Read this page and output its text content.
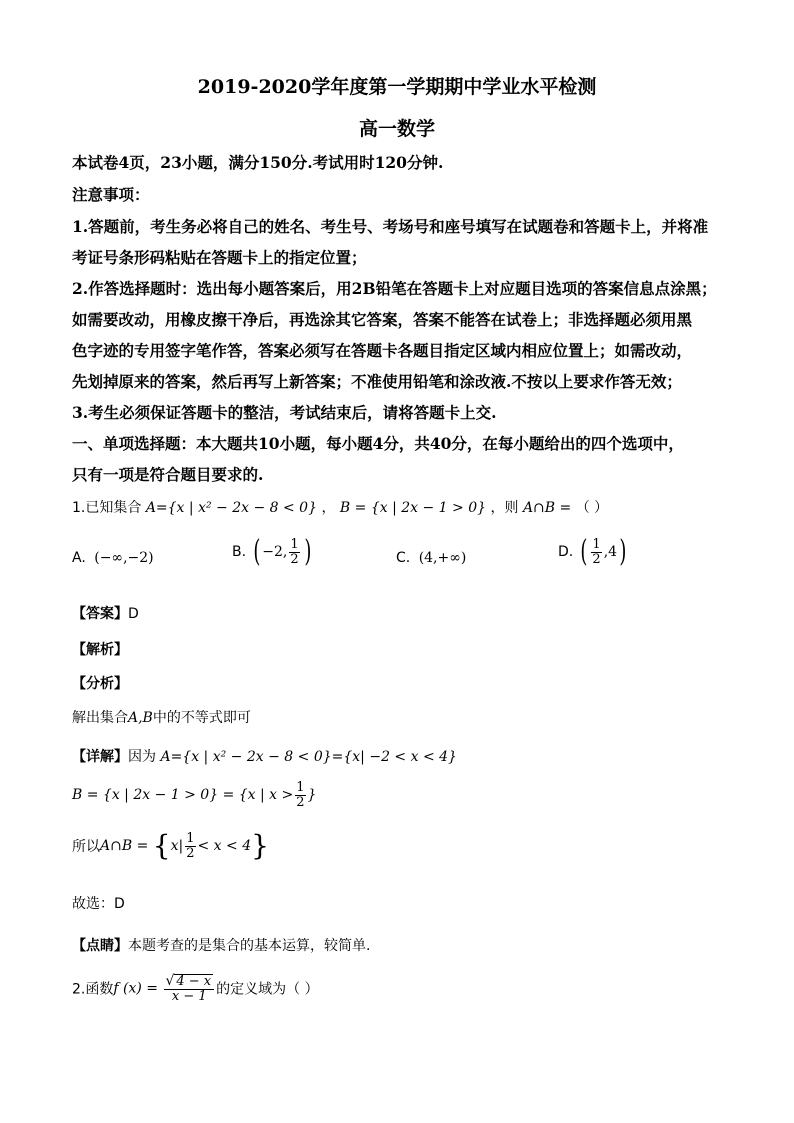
2019-2020学年度第一学期期中学业水平检测
高一数学
本试卷4页，23小题，满分150分.考试用时120分钟.
注意事项：
1.答题前，考生务必将自己的姓名、考生号、考场号和座号填写在试题卷和答题卡上，并将准
考证号条形码粘贴在答题卡上的指定位置；
2.作答选择题时：选出每小题答案后，用2B铅笔在答题卡上对应题目选项的答案信息点涂黑；
如需要改动，用橡皮擦干净后，再选涂其它答案，答案不能答在试卷上；非选择题必须用黑
色字迹的专用签字笔作答，答案必须写在答题卡各题目指定区域内相应位置上；如需改动，
先划掉原来的答案，然后再写上新答案；不准使用铅笔和涂改液.不按以上要求作答无效；
3.考生必须保证答题卡的整洁，考试结束后，请将答题卡上交.
一、单项选择题：本大题共10小题，每小题4分，共40分，在每小题给出的四个选项中，
只有一项是符合题目要求的.
1.已知集合 A={x | x² − 2x − 8 < 0} ， B = {x | 2x − 1 > 0} ，则 A∩B = （ ）
A. (−∞,−2)	B. ( −2, $\frac{1}{2}$ )	C. (4,+∞)	D. ( $\frac{1}{2} ,4$)
【答案】D
【解析】
【分析】
解出集合A,B中的不等式即可
【详解】因为 A={x | x² − 2x − 8 < 0}={x| −2 < x < 4}
B = {x | 2x − 1 > 0} = {x | $x > \frac{1}{2}$ }
所以A∩B = $\{x| \frac{1}{2} < x < 4\}$
故选：D
【点睛】本题考查的是集合的基本运算，较简单.
2.函数f $(x) = \frac{√ 4 - x}{x - 1}$ 的定义域为（ ）
